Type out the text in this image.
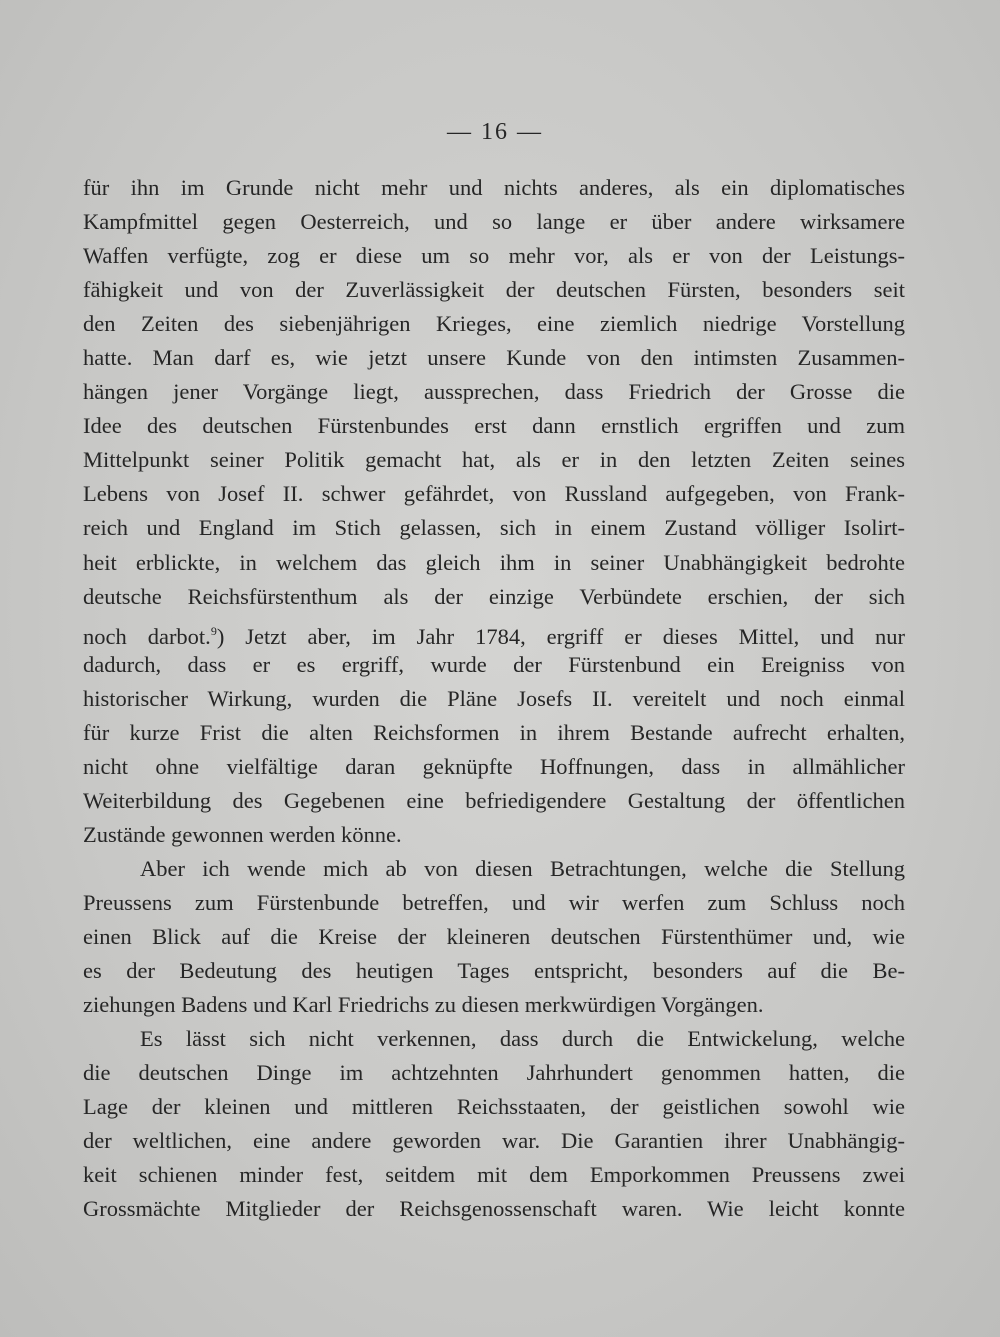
— 16 —
für ihn im Grunde nicht mehr und nichts anderes, als ein diplomatisches
Kampfmittel gegen Oesterreich, und so lange er über andere wirksamere
Waffen verfügte, zog er diese um so mehr vor, als er von der Leistungs-
fähigkeit und von der Zuverlässigkeit der deutschen Fürsten, besonders seit
den Zeiten des siebenjährigen Krieges, eine ziemlich niedrige Vorstellung
hatte. Man darf es, wie jetzt unsere Kunde von den intimsten Zusammen-
hängen jener Vorgänge liegt, aussprechen, dass Friedrich der Grosse die
Idee des deutschen Fürstenbundes erst dann ernstlich ergriffen und zum
Mittelpunkt seiner Politik gemacht hat, als er in den letzten Zeiten seines
Lebens von Josef II. schwer gefährdet, von Russland aufgegeben, von Frank-
reich und England im Stich gelassen, sich in einem Zustand völliger Isolirt-
heit erblickte, in welchem das gleich ihm in seiner Unabhängigkeit bedrohte
deutsche Reichsfürstenthum als der einzige Verbündete erschien, der sich
noch darbot.$^9$) Jetzt aber, im Jahr 1784, ergriff er dieses Mittel, und nur
dadurch, dass er es ergriff, wurde der Fürstenbund ein Ereigniss von
historischer Wirkung, wurden die Pläne Josefs II. vereitelt und noch einmal
für kurze Frist die alten Reichsformen in ihrem Bestande aufrecht erhalten,
nicht ohne vielfältige daran geknüpfte Hoffnungen, dass in allmählicher
Weiterbildung des Gegebenen eine befriedigendere Gestaltung der öffentlichen
Zustände gewonnen werden könne.
Aber ich wende mich ab von diesen Betrachtungen, welche die Stellung
Preussens zum Fürstenbunde betreffen, und wir werfen zum Schluss noch
einen Blick auf die Kreise der kleineren deutschen Fürstenthümer und, wie
es der Bedeutung des heutigen Tages entspricht, besonders auf die Be-
ziehungen Badens und Karl Friedrichs zu diesen merkwürdigen Vorgängen.
Es lässt sich nicht verkennen, dass durch die Entwickelung, welche
die deutschen Dinge im achtzehnten Jahrhundert genommen hatten, die
Lage der kleinen und mittleren Reichsstaaten, der geistlichen sowohl wie
der weltlichen, eine andere geworden war. Die Garantien ihrer Unabhängig-
keit schienen minder fest, seitdem mit dem Emporkommen Preussens zwei
Grossmächte Mitglieder der Reichsgenossenschaft waren. Wie leicht konnte
